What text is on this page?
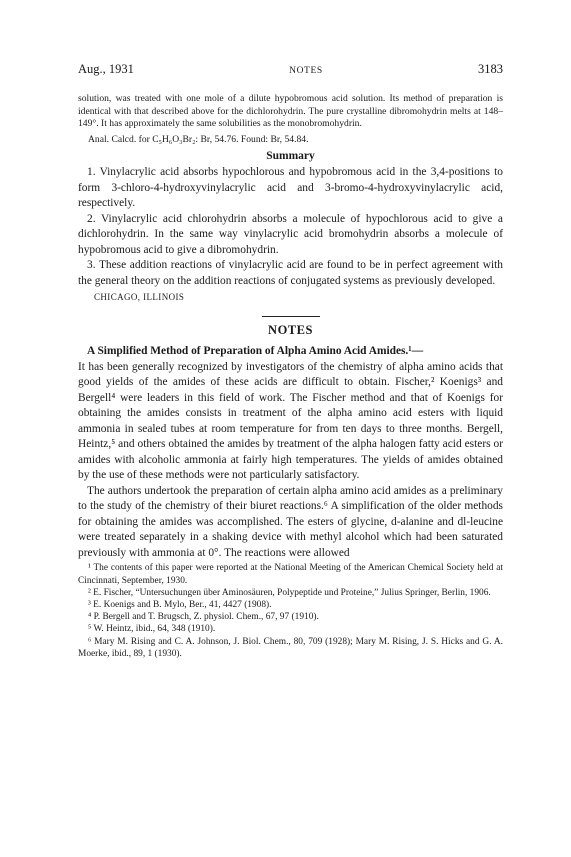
Aug., 1931	NOTES	3183

solution, was treated with one mole of a dilute hypobromous acid solution. Its method of preparation is identical with that described above for the dichlorohydrin. The pure crystalline dibromohydrin melts at 148–149°. It has approximately the same solubilities as the monobromohydrin.

Anal. Calcd. for C₅H₆O₃Br₂: Br, 54.76. Found: Br, 54.84.

Summary

1. Vinylacrylic acid absorbs hypochlorous and hypobromous acid in the 3,4-positions to form 3-chloro-4-hydroxyvinylacrylic acid and 3-bromo-4-hydroxyvinylacrylic acid, respectively.

2. Vinylacrylic acid chlorohydrin absorbs a molecule of hypochlorous acid to give a dichlorohydrin. In the same way vinylacrylic acid bromohydrin absorbs a molecule of hypobromous acid to give a dibromohydrin.

3. These addition reactions of vinylacrylic acid are found to be in perfect agreement with the general theory on the addition reactions of conjugated systems as previously developed.

CHICAGO, ILLINOIS
NOTES

A Simplified Method of Preparation of Alpha Amino Acid Amides.¹—

It has been generally recognized by investigators of the chemistry of alpha amino acids that good yields of the amides of these acids are difficult to obtain. Fischer,² Koenigs³ and Bergell⁴ were leaders in this field of work. The Fischer method and that of Koenigs for obtaining the amides consists in treatment of the alpha amino acid esters with liquid ammonia in sealed tubes at room temperature for from ten days to three months. Bergell, Heintz,⁵ and others obtained the amides by treatment of the alpha halogen fatty acid esters or amides with alcoholic ammonia at fairly high temperatures. The yields of amides obtained by the use of these methods were not particularly satisfactory.

The authors undertook the preparation of certain alpha amino acid amides as a preliminary to the study of the chemistry of their biuret reactions.⁶ A simplification of the older methods for obtaining the amides was accomplished. The esters of glycine, d-alanine and dl-leucine were treated separately in a shaking device with methyl alcohol which had been saturated previously with ammonia at 0°. The reactions were allowed

¹ The contents of this paper were reported at the National Meeting of the American Chemical Society held at Cincinnati, September, 1930.

² E. Fischer, “Untersuchungen über Aminosäuren, Polypeptide und Proteine,” Julius Springer, Berlin, 1906.

³ E. Koenigs and B. Mylo, Ber., 41, 4427 (1908).

⁴ P. Bergell and T. Brugsch, Z. physiol. Chem., 67, 97 (1910).

⁵ W. Heintz, ibid., 64, 348 (1910).

⁶ Mary M. Rising and C. A. Johnson, J. Biol. Chem., 80, 709 (1928); Mary M. Rising, J. S. Hicks and G. A. Moerke, ibid., 89, 1 (1930).
